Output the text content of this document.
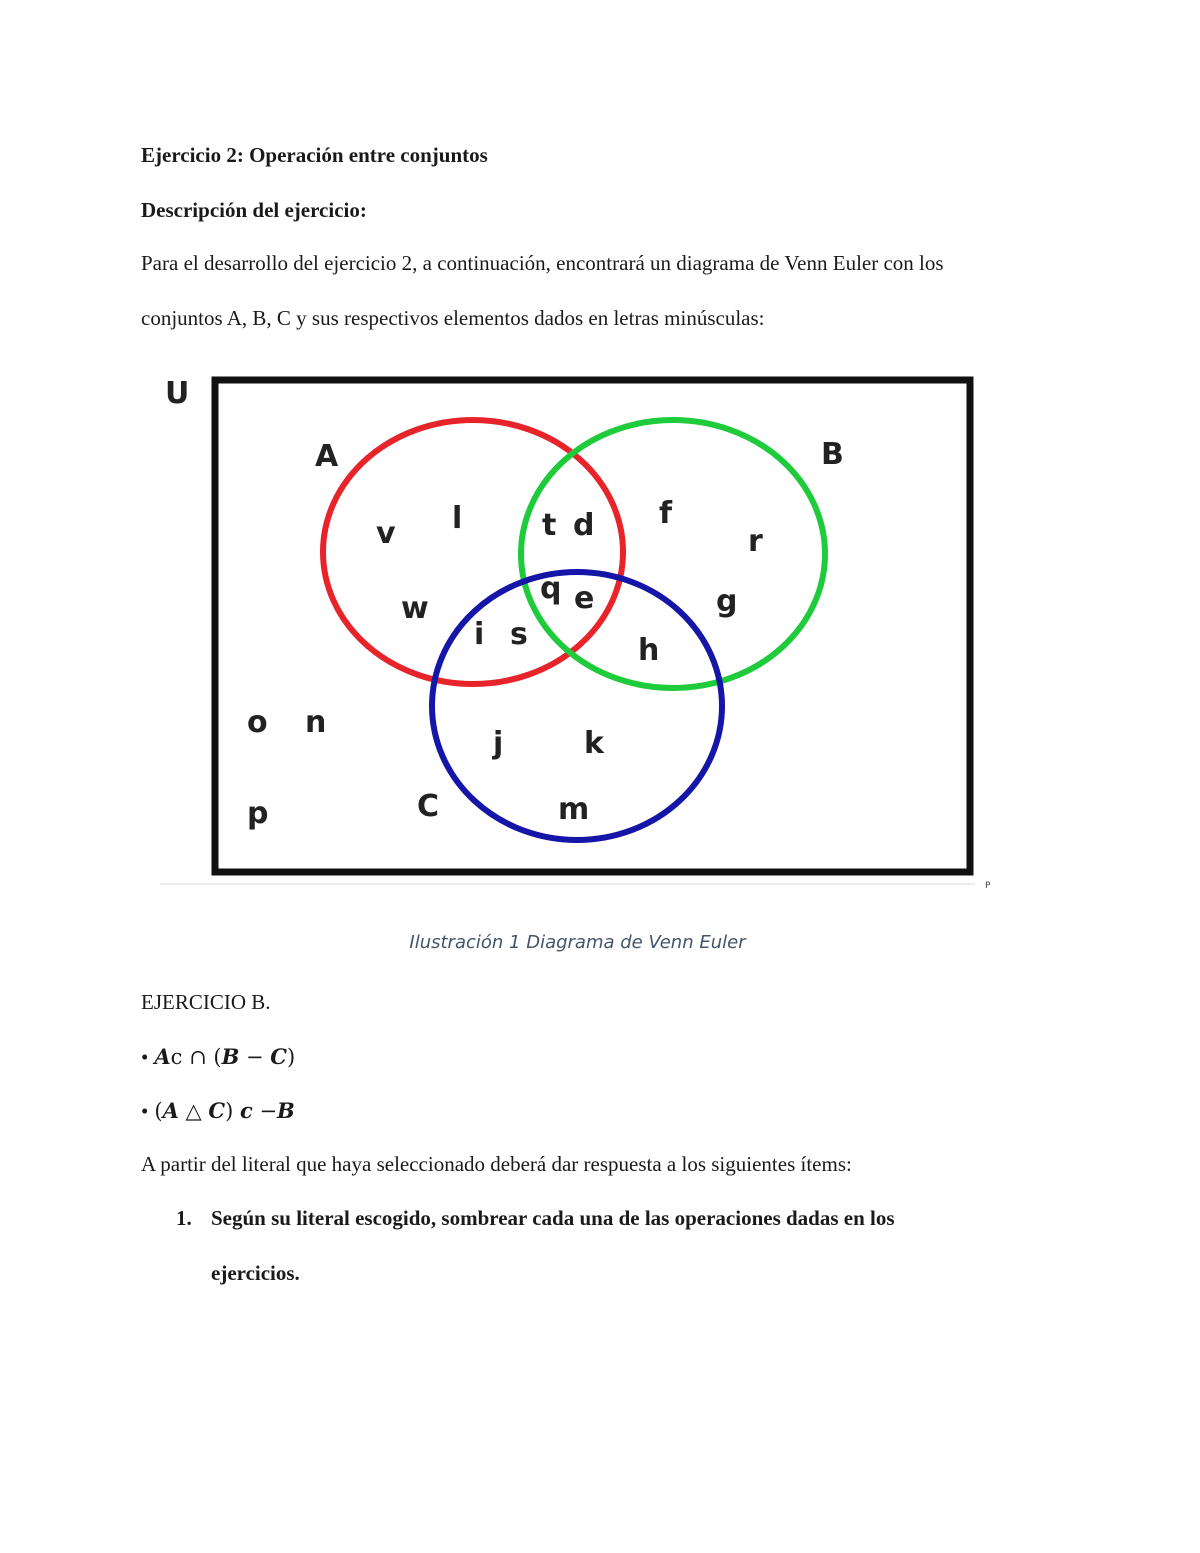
Ejercicio 2: Operación entre conjuntos
Descripción del ejercicio:
Para el desarrollo del ejercicio 2, a continuación, encontrará un diagrama de Venn Euler con los
conjuntos A, B, C y sus respectivos elementos dados en letras minúsculas:
U
A	B
C
v l
w
t d
q e
i s
f
r
g
h
j	k
m
o n
p
P
Ilustración 1 Diagrama de Venn Euler
EJERCICIO B.
• Ac ∩ (B − C)
• (A △ C) c −B
A partir del literal que haya seleccionado deberá dar respuesta a los siguientes ítems:
1. Según su literal escogido, sombrear cada una de las operaciones dadas en los
ejercicios.
